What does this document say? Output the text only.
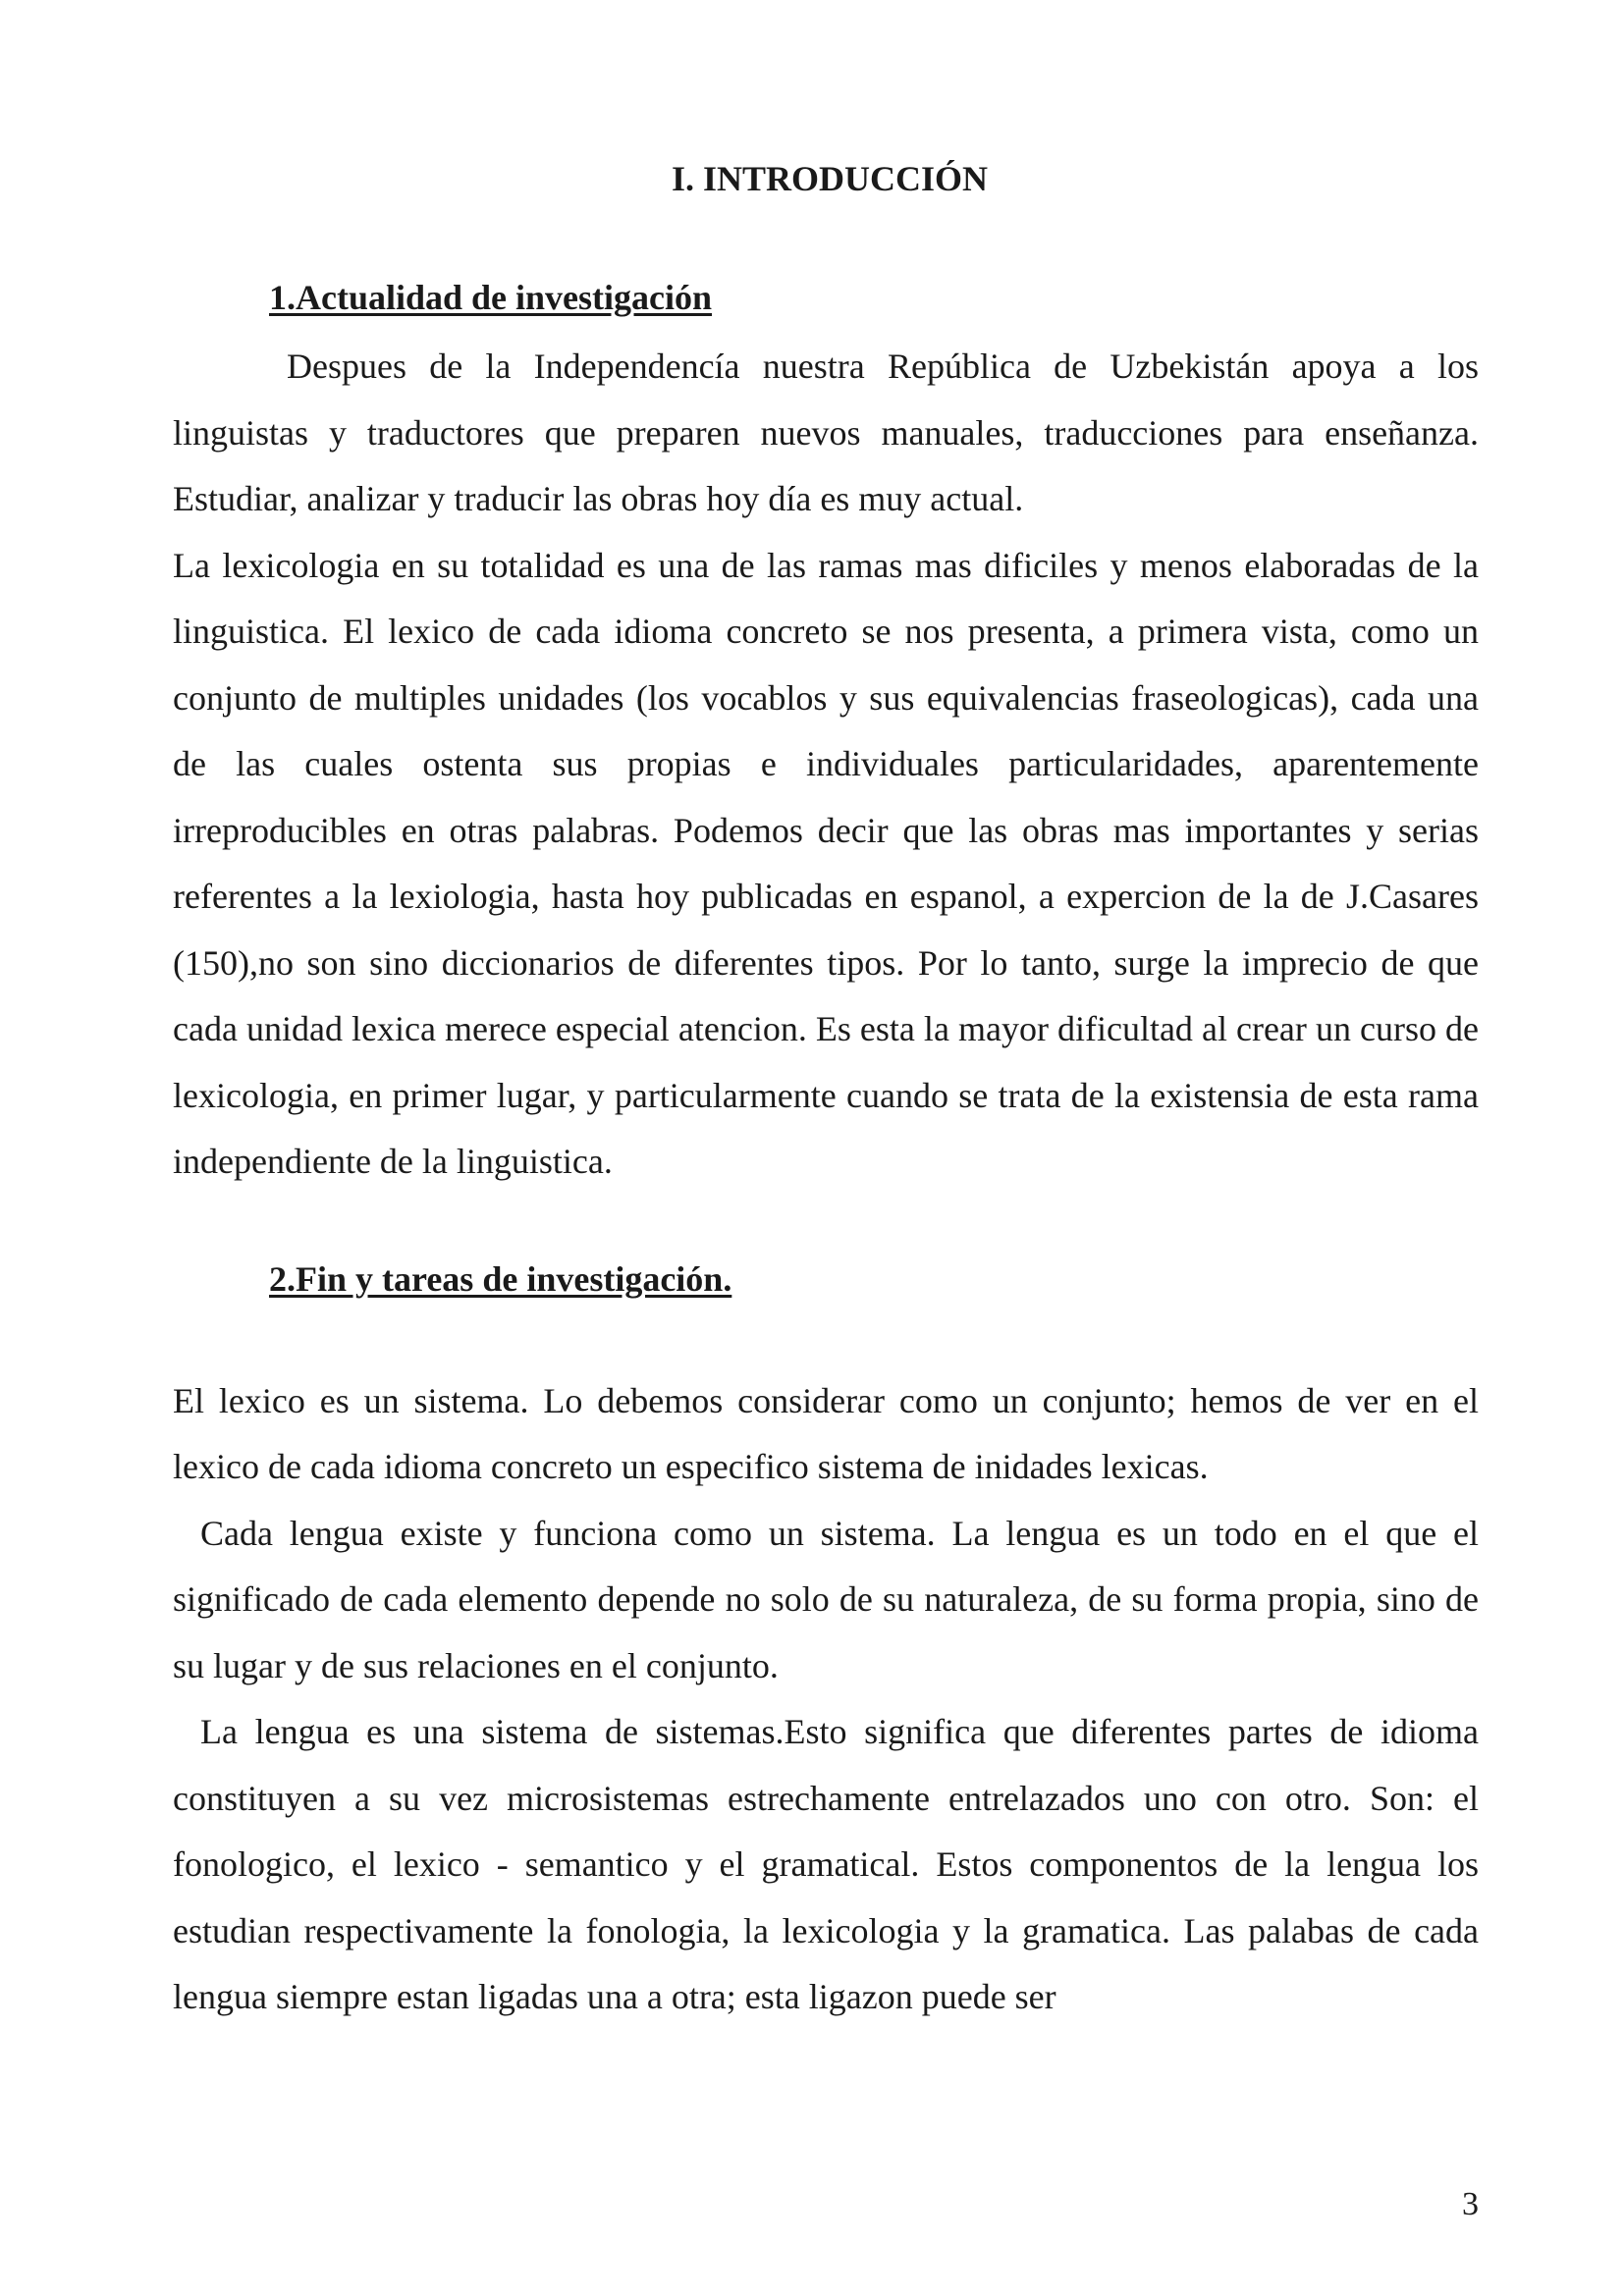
I. INTRODUCCIÓN
1.Actualidad de investigación

Despues de la Independencía nuestra República de Uzbekistán apoya a los linguistas y traductores que preparen nuevos manuales, traducciones para enseñanza. Estudiar, analizar y traducir las obras hoy día es muy actual.

La lexicologia en su totalidad es una de las ramas mas dificiles y menos elaboradas de la linguistica. El lexico de cada idioma concreto se nos presenta, a primera vista, como un conjunto de multiples unidades (los vocablos y sus equivalencias fraseologicas), cada una de las cuales ostenta sus propias e individuales particularidades, aparentemente irreproducibles en otras palabras. Podemos decir que las obras mas importantes y serias referentes a la lexiologia, hasta hoy publicadas en espanol, a expercion de la de J.Casares (150),no son sino diccionarios de diferentes tipos. Por lo tanto, surge la imprecio de que cada unidad lexica merece especial atencion. Es esta la mayor dificultad al crear un curso de lexicologia, en primer lugar, y particularmente cuando se trata de la existensia de esta rama independiente de la linguistica.

2.Fin y tareas de investigación.

El lexico es un sistema. Lo debemos considerar como un conjunto; hemos de ver en el lexico de cada idioma concreto un especifico sistema de inidades lexicas.

Cada lengua existe y funciona como un sistema. La lengua es un todo en el que el significado de cada elemento depende no solo de su naturaleza, de su forma propia, sino de su lugar y de sus relaciones en el conjunto.

La lengua es una sistema de sistemas.Esto significa que diferentes partes de idioma constituyen a su vez microsistemas estrechamente entrelazados uno con otro. Son: el fonologico, el lexico - semantico y el gramatical. Estos componentos de la lengua los estudian respectivamente la fonologia, la lexicologia y la gramatica. Las palabas de cada lengua siempre estan ligadas una a otra; esta ligazon puede ser

3
